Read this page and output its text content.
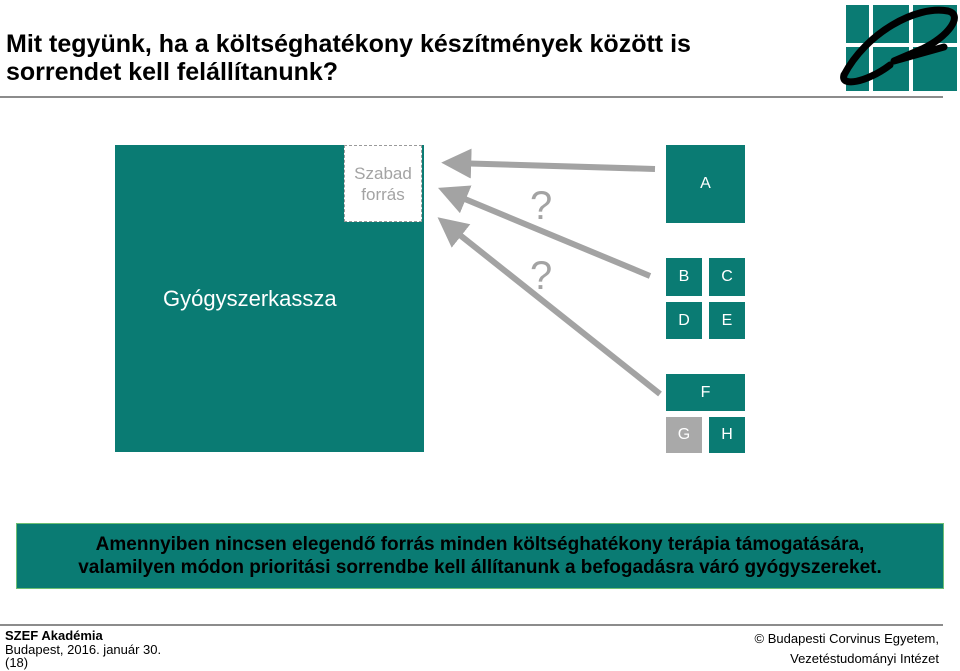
Mit tegyünk, ha a költséghatékony készítmények között is
sorrendet kell felállítanunk?
Gyógyszerkassza
Szabad
forrás	?
?
A
B	C
D	E
F
G	H
Amennyiben nincsen elegendő forrás minden költséghatékony terápia támogatására,
valamilyen módon prioritási sorrendbe kell állítanunk a befogadásra váró gyógyszereket.
SZEF Akadémia
Budapest, 2016. január 30.
(18)
© Budapesti Corvinus Egyetem,
Vezetéstudományi Intézet
